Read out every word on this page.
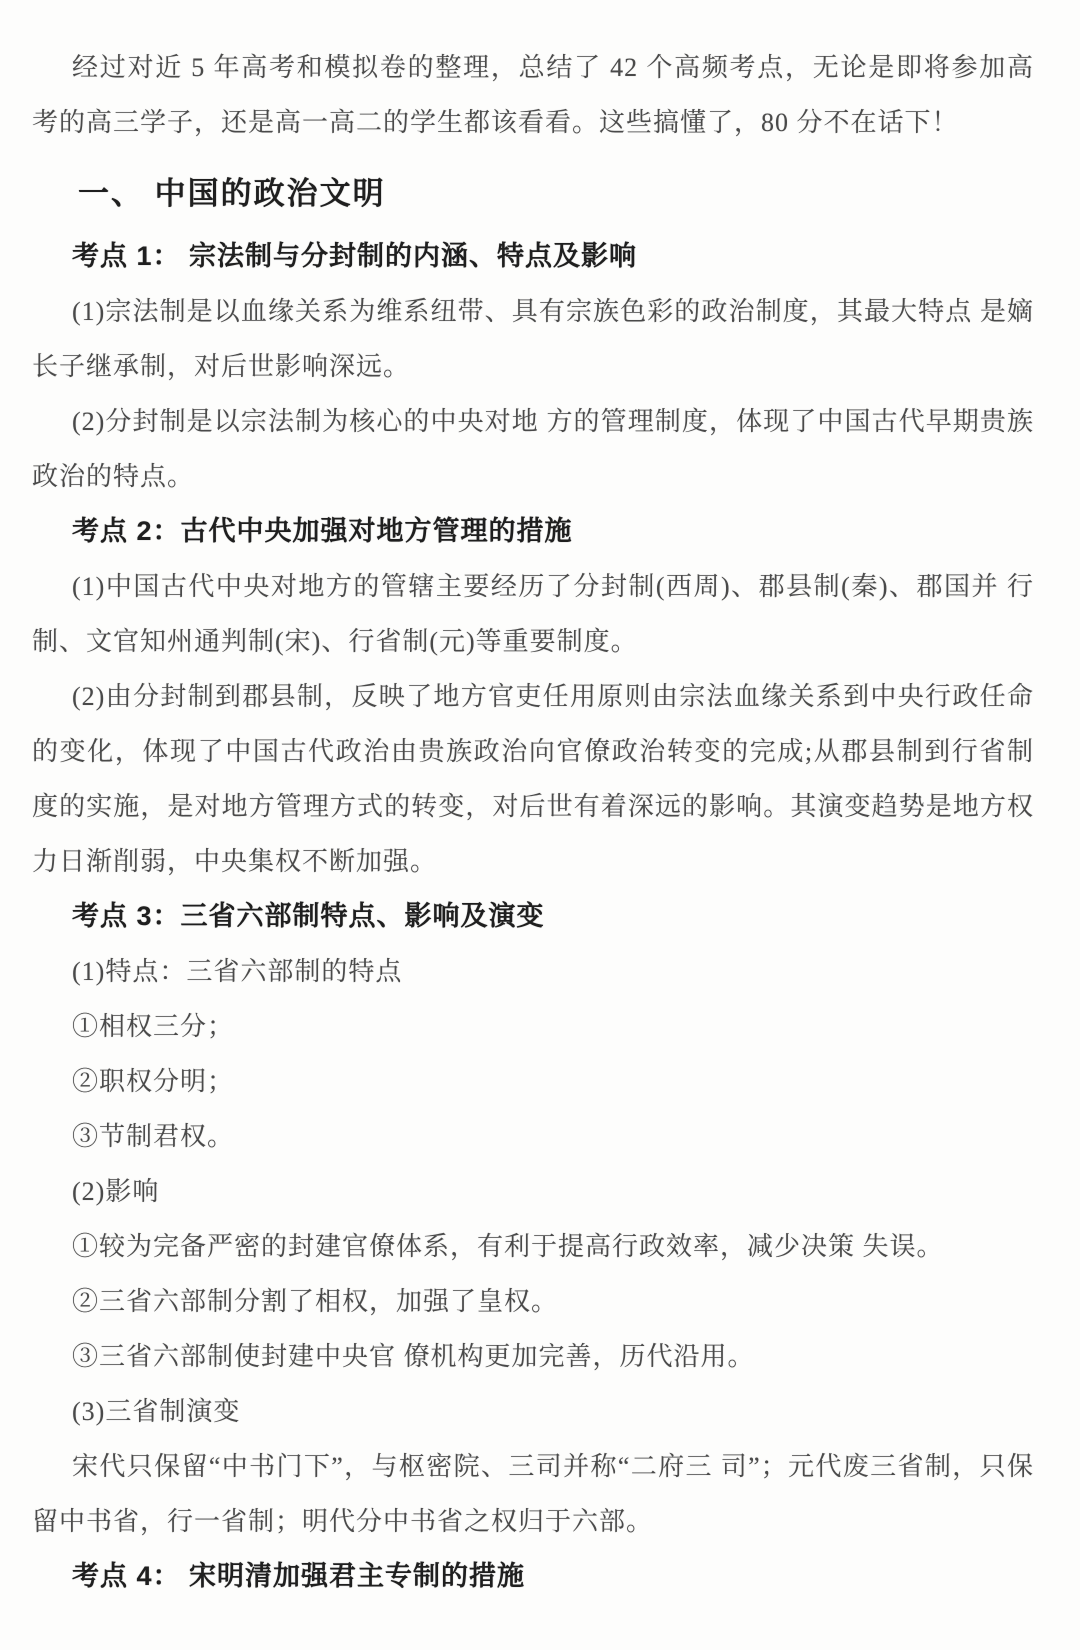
经过对近 5 年高考和模拟卷的整理，总结了 42 个高频考点，无论是即将参加高考的高三学子，还是高一高二的学生都该看看。这些搞懂了，80 分不在话下！

一、 中国的政治文明
考点 1： 宗法制与分封制的内涵、特点及影响

(1)宗法制是以血缘关系为维系纽带、具有宗族色彩的政治制度，其最大特点 是嫡长子继承制，对后世影响深远。

(2)分封制是以宗法制为核心的中央对地 方的管理制度，体现了中国古代早期贵族政治的特点。

考点 2：古代中央加强对地方管理的措施

(1)中国古代中央对地方的管辖主要经历了分封制(西周)、郡县制(秦)、郡国并 行制、文官知州通判制(宋)、行省制(元)等重要制度。

(2)由分封制到郡县制，反映了地方官吏任用原则由宗法血缘关系到中央行政任命的变化，体现了中国古代政治由贵族政治向官僚政治转变的完成;从郡县制到行省制度的实施，是对地方管理方式的转变，对后世有着深远的影响。其演变趋势是地方权力日渐削弱，中央集权不断加强。

考点 3：三省六部制特点、影响及演变

(1)特点：三省六部制的特点

①相权三分；

②职权分明；

③节制君权。

(2)影响

①较为完备严密的封建官僚体系，有利于提高行政效率，减少决策 失误。

②三省六部制分割了相权，加强了皇权。

③三省六部制使封建中央官 僚机构更加完善，历代沿用。

(3)三省制演变

宋代只保留“中书门下”，与枢密院、三司并称“二府三 司”；元代废三省制，只保留中书省，行一省制；明代分中书省之权归于六部。

考点 4： 宋明清加强君主专制的措施
